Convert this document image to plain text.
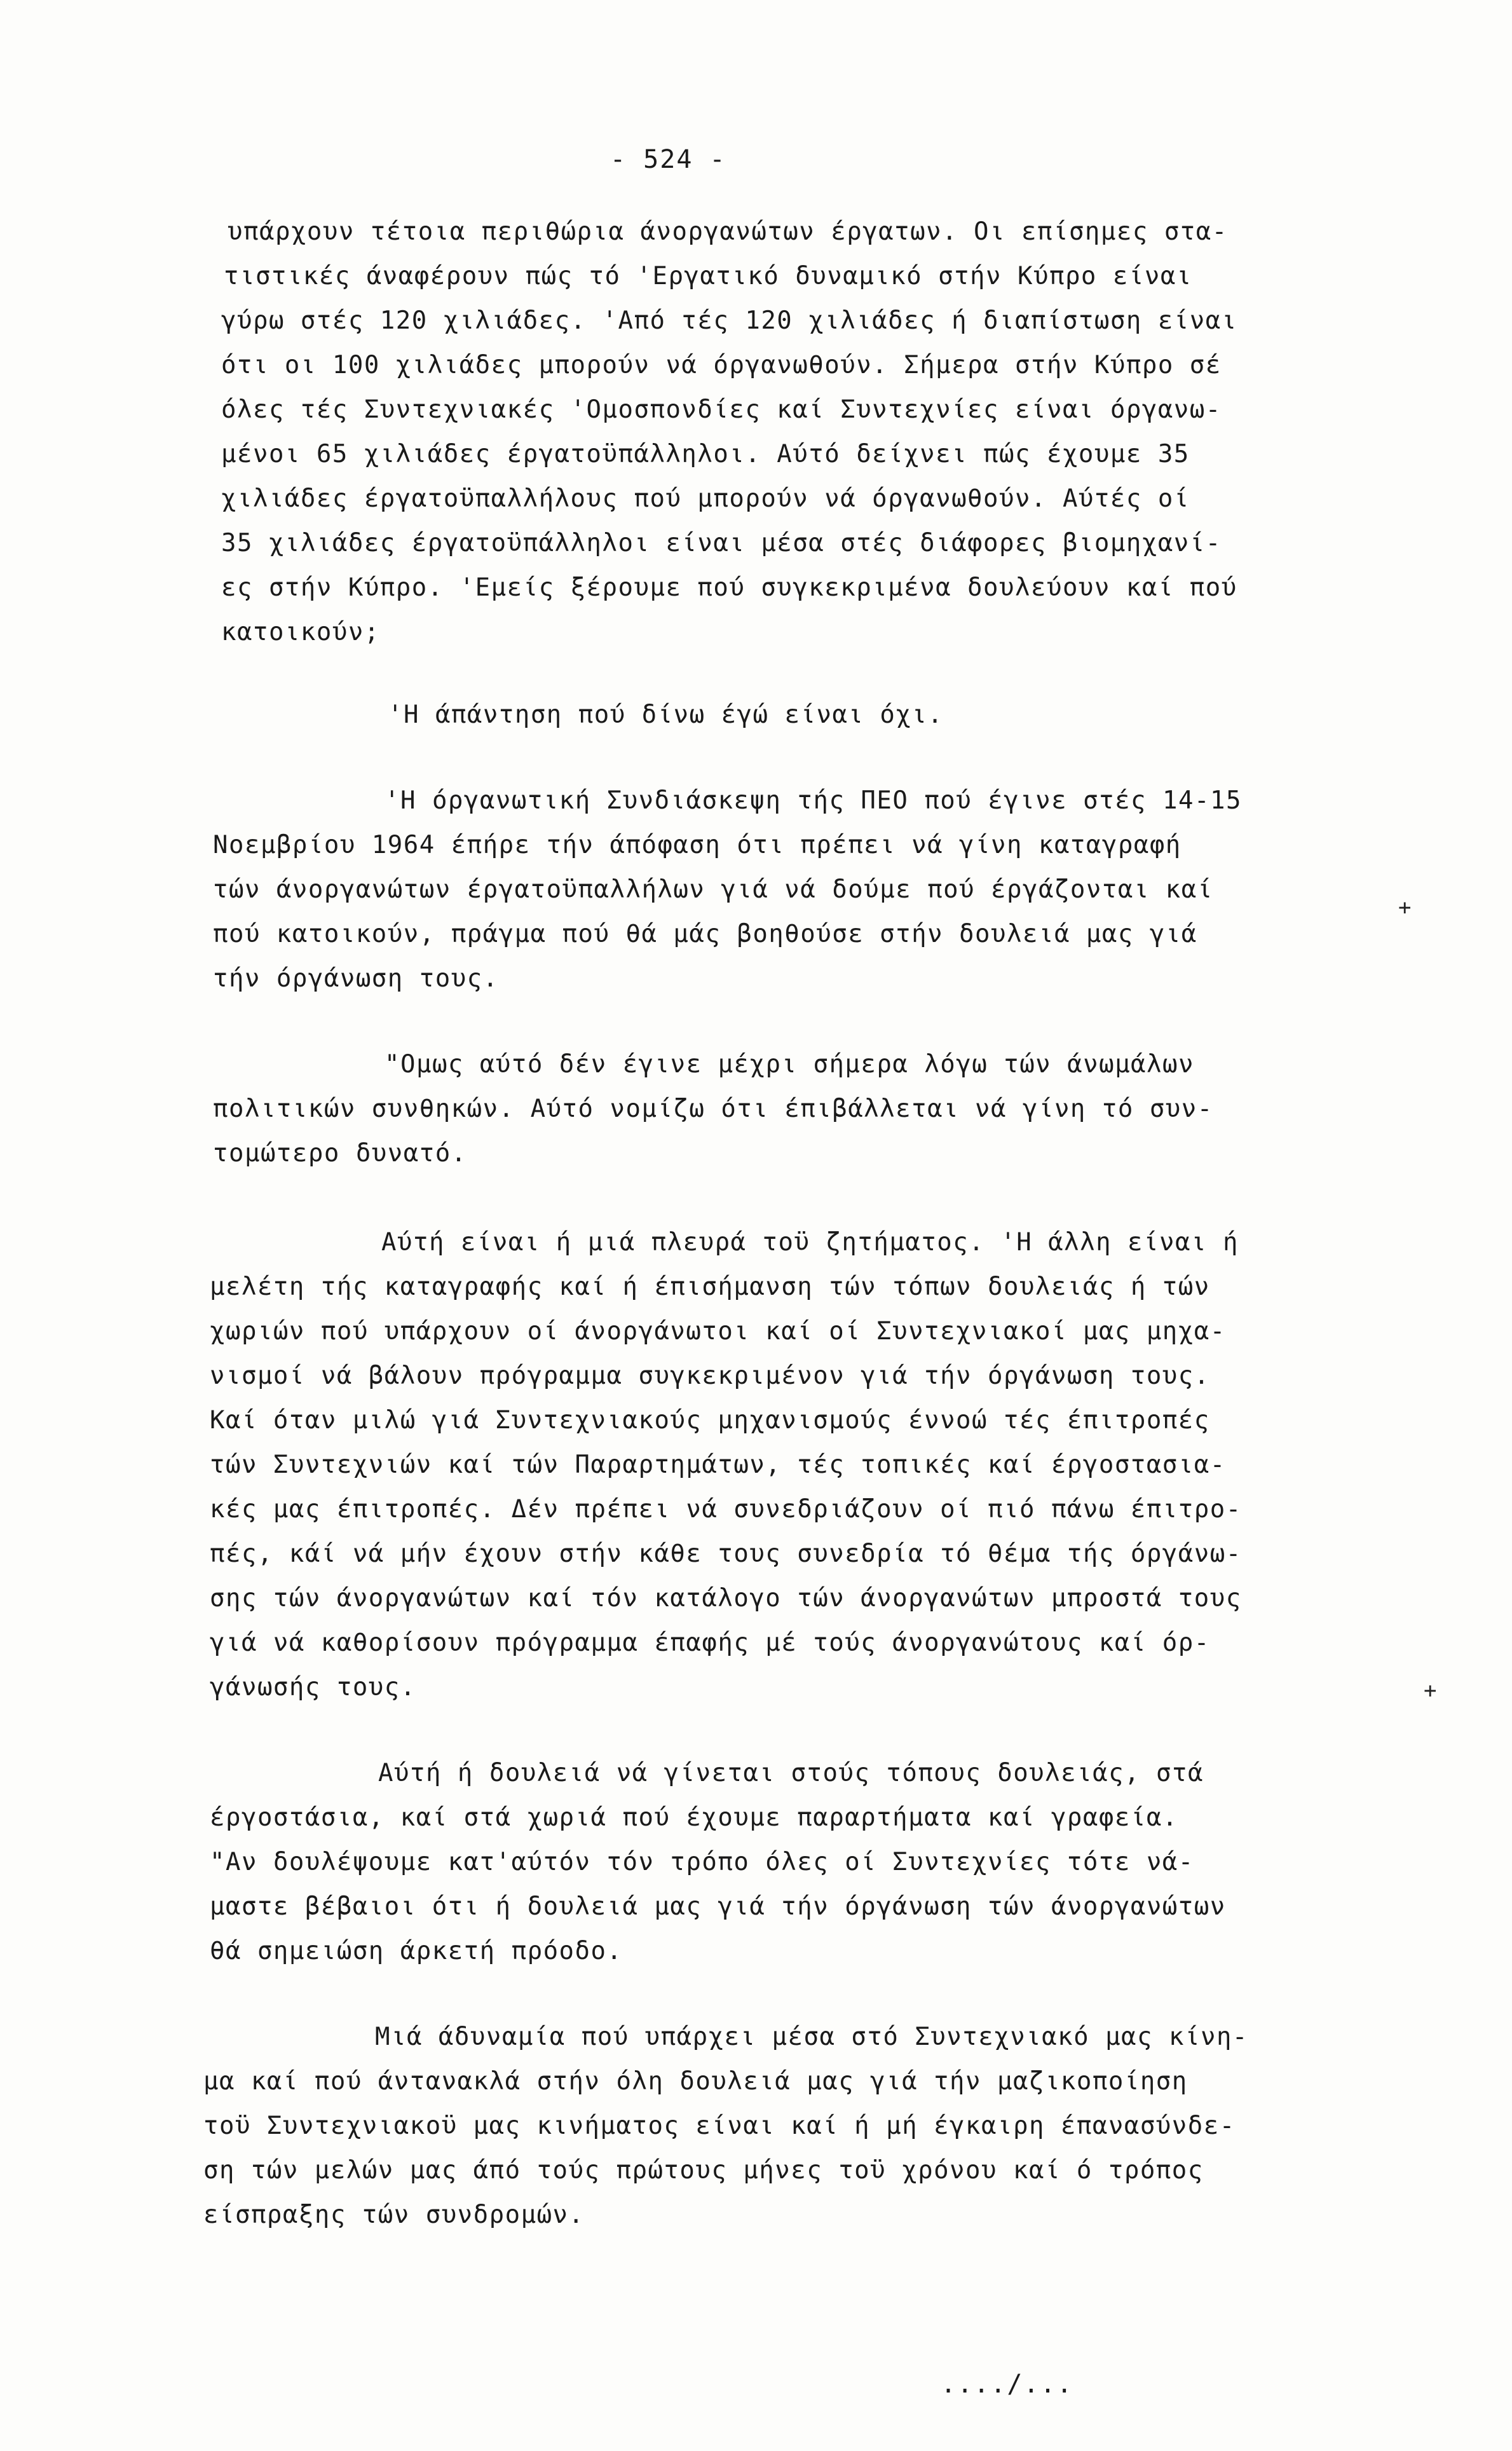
- 524 -
υπάρχουν τέτοια περιθώρια άνοργανώτων έργατων. Οι επίσημες στα-
τιστικές άναφέρουν πώς τό 'Εργατικό δυναμικό στήν Κύπρο είναι
γύρω στές 120 χιλιάδες. 'Από τές 120 χιλιάδες ή διαπίστωση είναι
ότι οι 100 χιλιάδες μπορούν νά όργανωθούν. Σήμερα στήν Κύπρο σέ
όλες τές Συντεχνιακές 'Ομοσπονδίες καί Συντεχνίες είναι όργανω-
μένοι 65 χιλιάδες έργατοϋπάλληλοι. Αύτό δείχνει πώς έχουμε 35
χιλιάδες έργατοϋπαλλήλους πού μπορούν νά όργανωθούν. Αύτές οί
35 χιλιάδες έργατοϋπάλληλοι είναι μέσα στές διάφορες βιομηχανί-
ες στήν Κύπρο. 'Εμείς ξέρουμε πού συγκεκριμένα δουλεύουν καί πού
κατοικούν;
'Η άπάντηση πού δίνω έγώ είναι όχι.
'Η όργανωτική Συνδιάσκεψη τής ΠΕΟ πού έγινε στές 14-15
Νοεμβρίου 1964 έπήρε τήν άπόφαση ότι πρέπει νά γίνη καταγραφή
τών άνοργανώτων έργατοϋπαλλήλων γιά νά δούμε πού έργάζονται καί
πού κατοικούν, πράγμα πού θά μάς βοηθούσε στήν δουλειά μας γιά
τήν όργάνωση τους.
"Ομως αύτό δέν έγινε μέχρι σήμερα λόγω τών άνωμάλων
πολιτικών συνθηκών. Αύτό νομίζω ότι έπιβάλλεται νά γίνη τό συν-
τομώτερο δυνατό.
Αύτή είναι ή μιά πλευρά τοϋ ζητήματος. 'Η άλλη είναι ή
μελέτη τής καταγραφής καί ή έπισήμανση τών τόπων δουλειάς ή τών
χωριών πού υπάρχουν οί άνοργάνωτοι καί οί Συντεχνιακοί μας μηχα-
νισμοί νά βάλουν πρόγραμμα συγκεκριμένον γιά τήν όργάνωση τους.
Καί όταν μιλώ γιά Συντεχνιακούς μηχανισμούς έννοώ τές έπιτροπές
τών Συντεχνιών καί τών Παραρτημάτων, τές τοπικές καί έργοστασια-
κές μας έπιτροπές. Δέν πρέπει νά συνεδριάζουν οί πιό πάνω έπιτρο-
πές, κάί νά μήν έχουν στήν κάθε τους συνεδρία τό θέμα τής όργάνω-
σης τών άνοργανώτων καί τόν κατάλογο τών άνοργανώτων μπροστά τους
γιά νά καθορίσουν πρόγραμμα έπαφής μέ τούς άνοργανώτους καί όρ-
γάνωσής τους.
Αύτή ή δουλειά νά γίνεται στούς τόπους δουλειάς, στά
έργοστάσια, καί στά χωριά πού έχουμε παραρτήματα καί γραφεία.
"Αν δουλέψουμε κατ'αύτόν τόν τρόπο όλες οί Συντεχνίες τότε νά-
μαστε βέβαιοι ότι ή δουλειά μας γιά τήν όργάνωση τών άνοργανώτων
θά σημειώση άρκετή πρόοδο.
Μιά άδυναμία πού υπάρχει μέσα στό Συντεχνιακό μας κίνη-
μα καί πού άντανακλά στήν όλη δουλειά μας γιά τήν μαζικοποίηση
τοϋ Συντεχνιακοϋ μας κινήματος είναι καί ή μή έγκαιρη έπανασύνδε-
ση τών μελών μας άπό τούς πρώτους μήνες τοϋ χρόνου καί ό τρόπος
είσπραξης τών συνδρομών.
..../...
+
+
